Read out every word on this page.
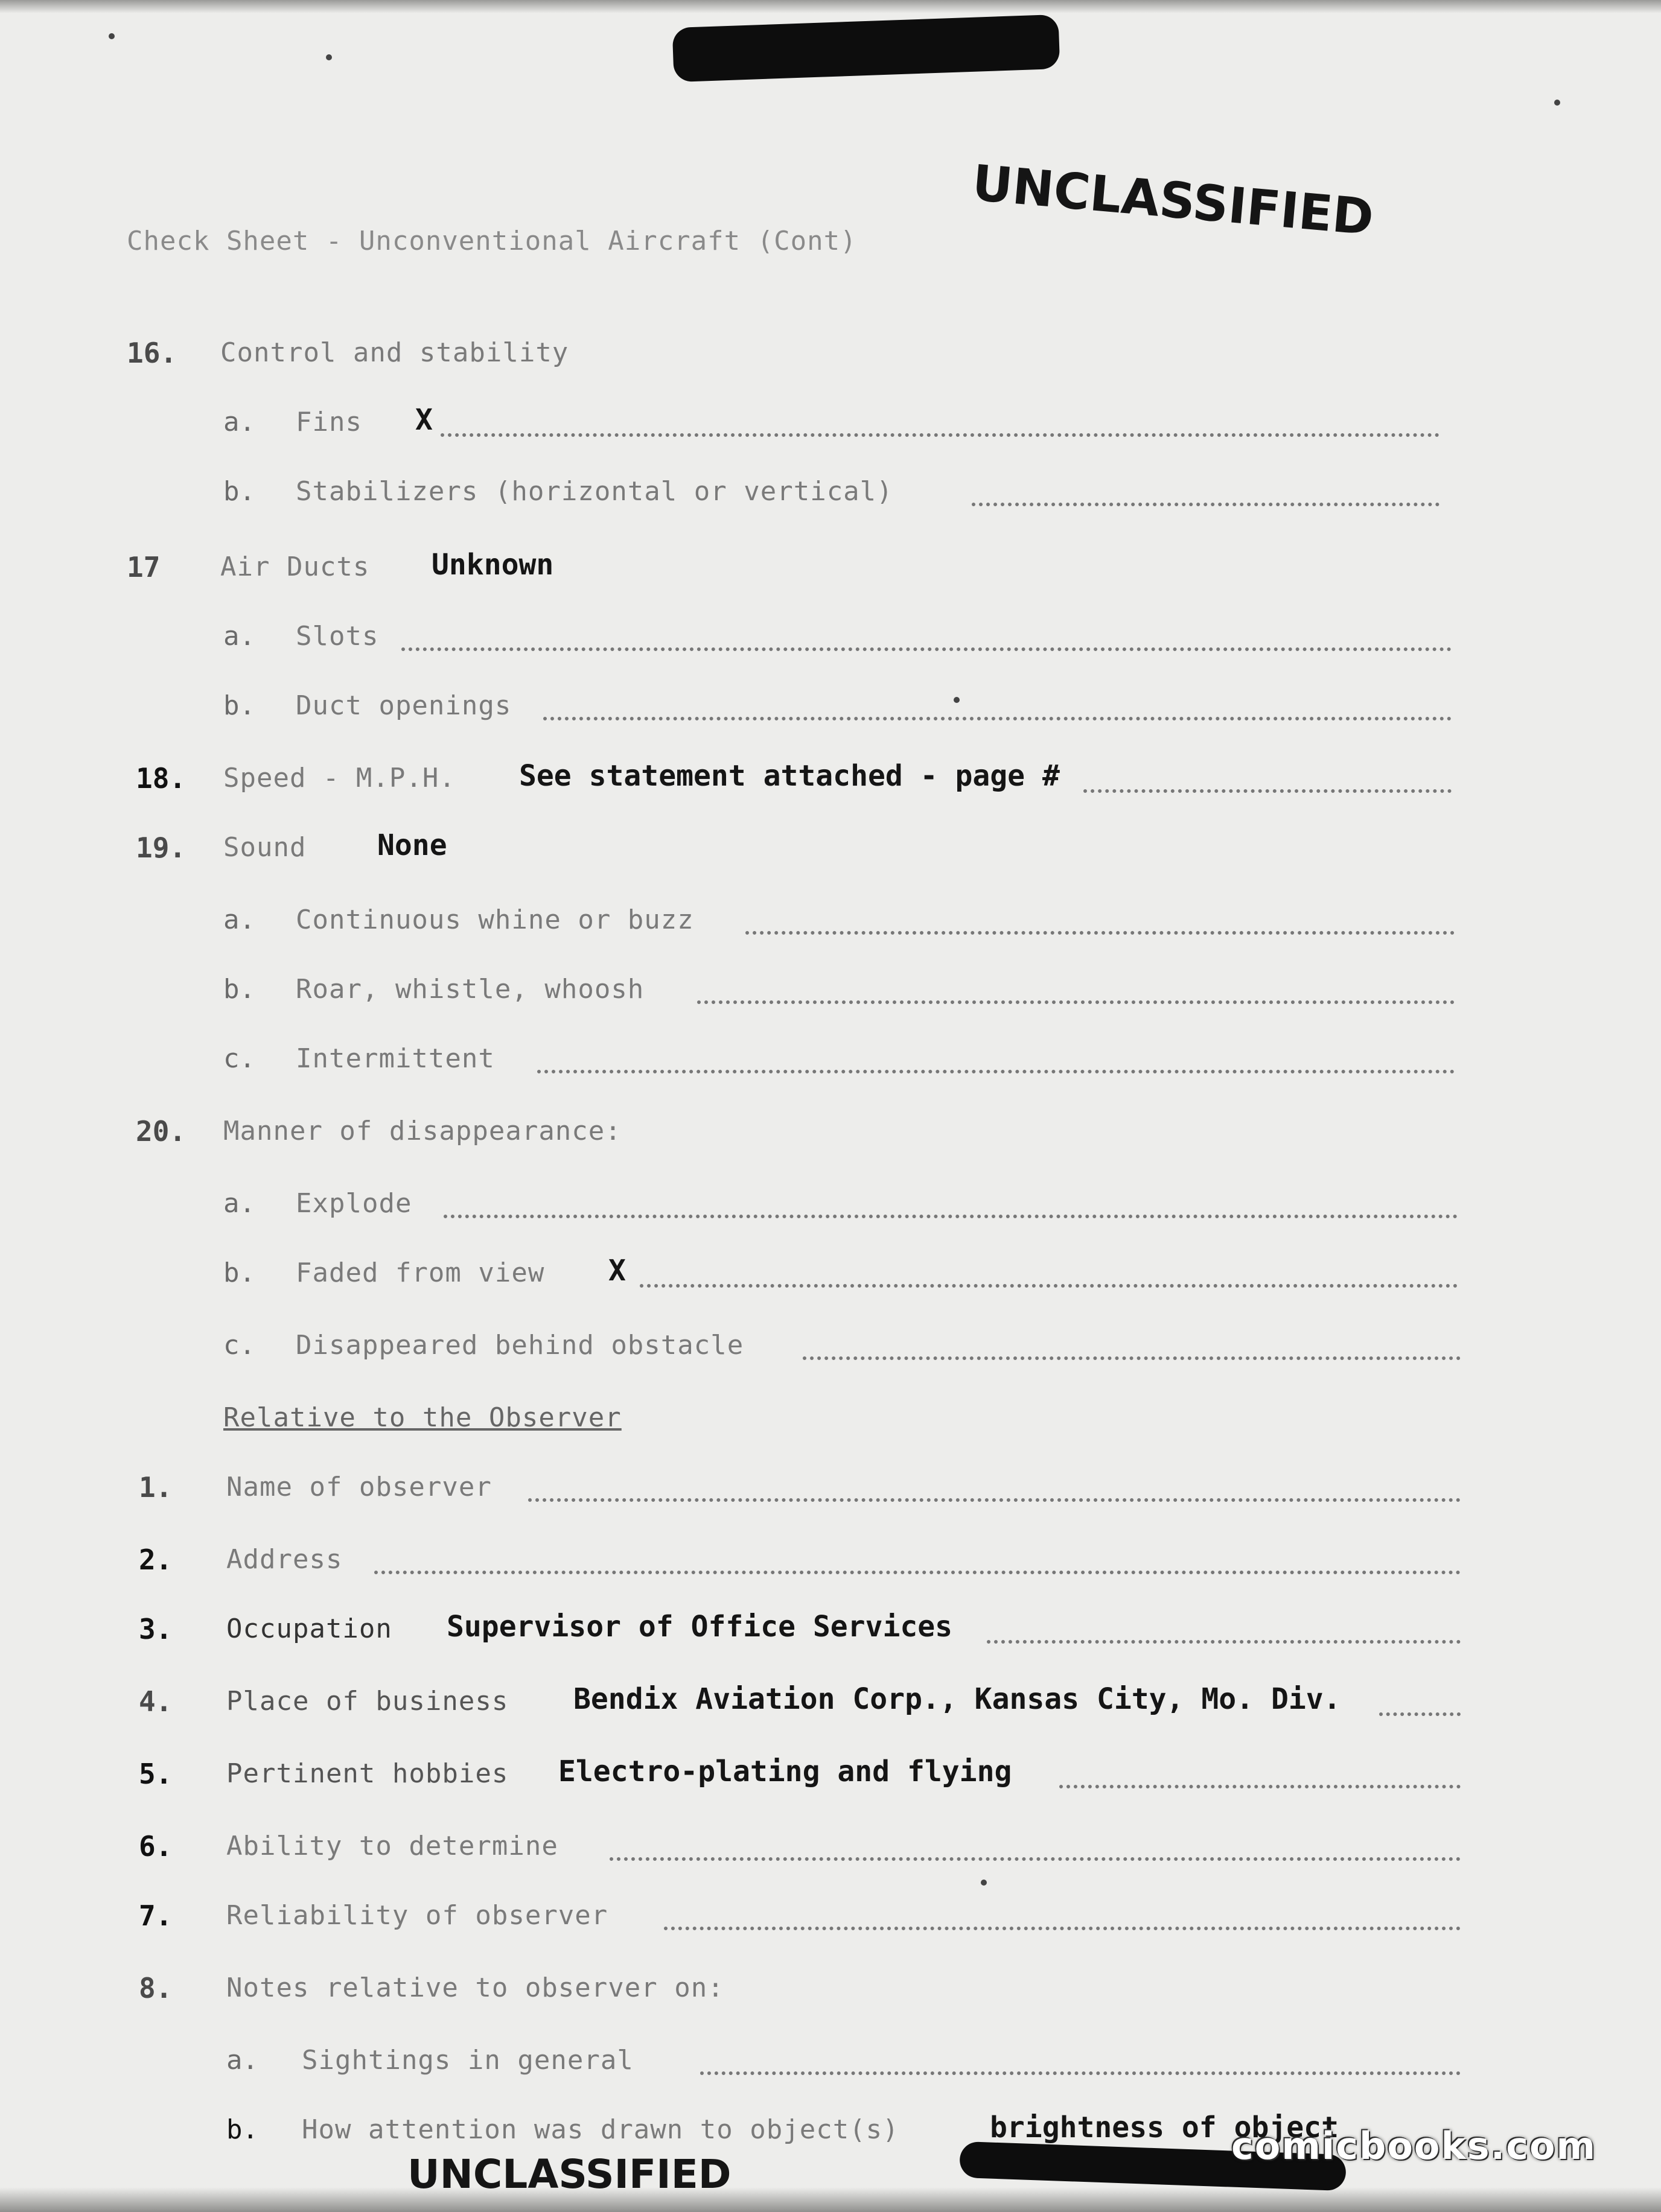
UNCLASSIFIED
UNCLASSIFIED
Check Sheet - Unconventional Aircraft (Cont)
16. Control and stability
a. Fins X
b. Stabilizers (horizontal or vertical)
17 Air Ducts Unknown
a. Slots
b. Duct openings
18. Speed - M.P.H. See statement attached - page #
19. Sound None
a. Continuous whine or buzz
b. Roar, whistle, whoosh
c. Intermittent
20. Manner of disappearance:
a. Explode
b. Faded from view X
c. Disappeared behind obstacle
Relative to the Observer
1. Name of observer
2. Address
3. Occupation Supervisor of Office Services
4. Place of business Bendix Aviation Corp., Kansas City, Mo. Div.
5. Pertinent hobbies Electro-plating and flying
6. Ability to determine
7. Reliability of observer
8. Notes relative to observer on:
a. Sightings in general
b. How attention was drawn to object(s)	brightness of object
comicbooks.com
